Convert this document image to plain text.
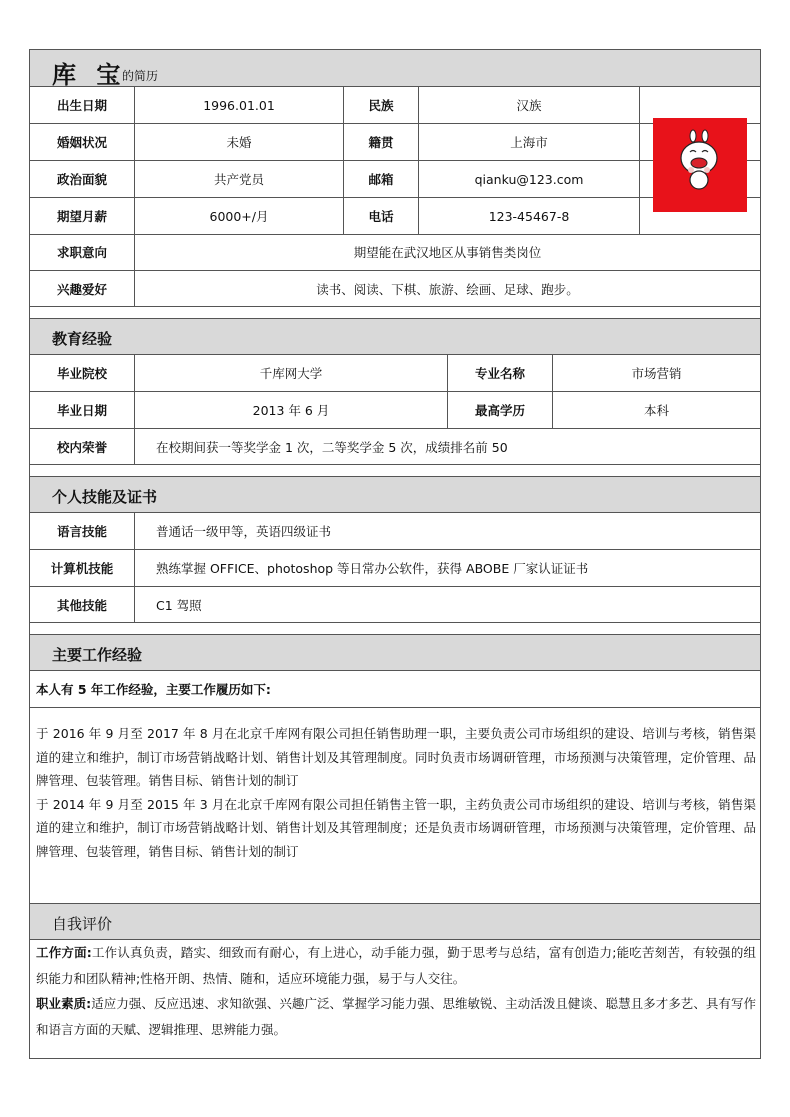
库 宝
的简历
出生日期	1996.01.01	民族	汉族
婚姻状况	未婚	籍贯	上海市
政治面貌	共产党员	邮箱	qianku@123.com
期望月薪	6000+/月	电话	123-45467-8
求职意向	期望能在武汉地区从事销售类岗位
兴趣爱好	读书、阅读、下棋、旅游、绘画、足球、跑步。
教育经验
毕业院校	千库网大学	专业名称	市场营销
毕业日期	2013 年 6 月	最高学历	本科
校内荣誉	在校期间获一等奖学金 1 次，二等奖学金 5 次，成绩排名前 50
个人技能及证书
语言技能	普通话一级甲等，英语四级证书
计算机技能	熟练掌握 OFFICE、photoshop 等日常办公软件，获得 ABOBE 厂家认证证书
其他技能	C1 驾照
主要工作经验
本人有 5 年工作经验，主要工作履历如下:

于 2016 年 9 月至 2017 年 8 月在北京千库网有限公司担任销售助理一职，主要负责公司市场组织的建设、培训与考核，销售渠道的建立和维护，制订市场营销战略计划、销售计划及其管理制度。同时负责市场调研管理，市场预测与决策管理，定价管理、品牌管理、包装管理。销售目标、销售计划的制订

于 2014 年 9 月至 2015 年 3 月在北京千库网有限公司担任销售主管一职，主药负责公司市场组织的建设、培训与考核，销售渠道的建立和维护，制订市场营销战略计划、销售计划及其管理制度；还是负责市场调研管理，市场预测与决策管理，定价管理、品牌管理、包装管理，销售目标、销售计划的制订

自我评价

工作方面:工作认真负责，踏实、细致而有耐心，有上进心，动手能力强，勤于思考与总结，富有创造力;能吃苦刻苦，有较强的组织能力和团队精神;性格开朗、热情、随和，适应环境能力强，易于与人交往。

职业素质:适应力强、反应迅速、求知欲强、兴趣广泛、掌握学习能力强、思维敏锐、主动活泼且健谈、聪慧且多才多艺、具有写作和语言方面的天赋、逻辑推理、思辨能力强。
